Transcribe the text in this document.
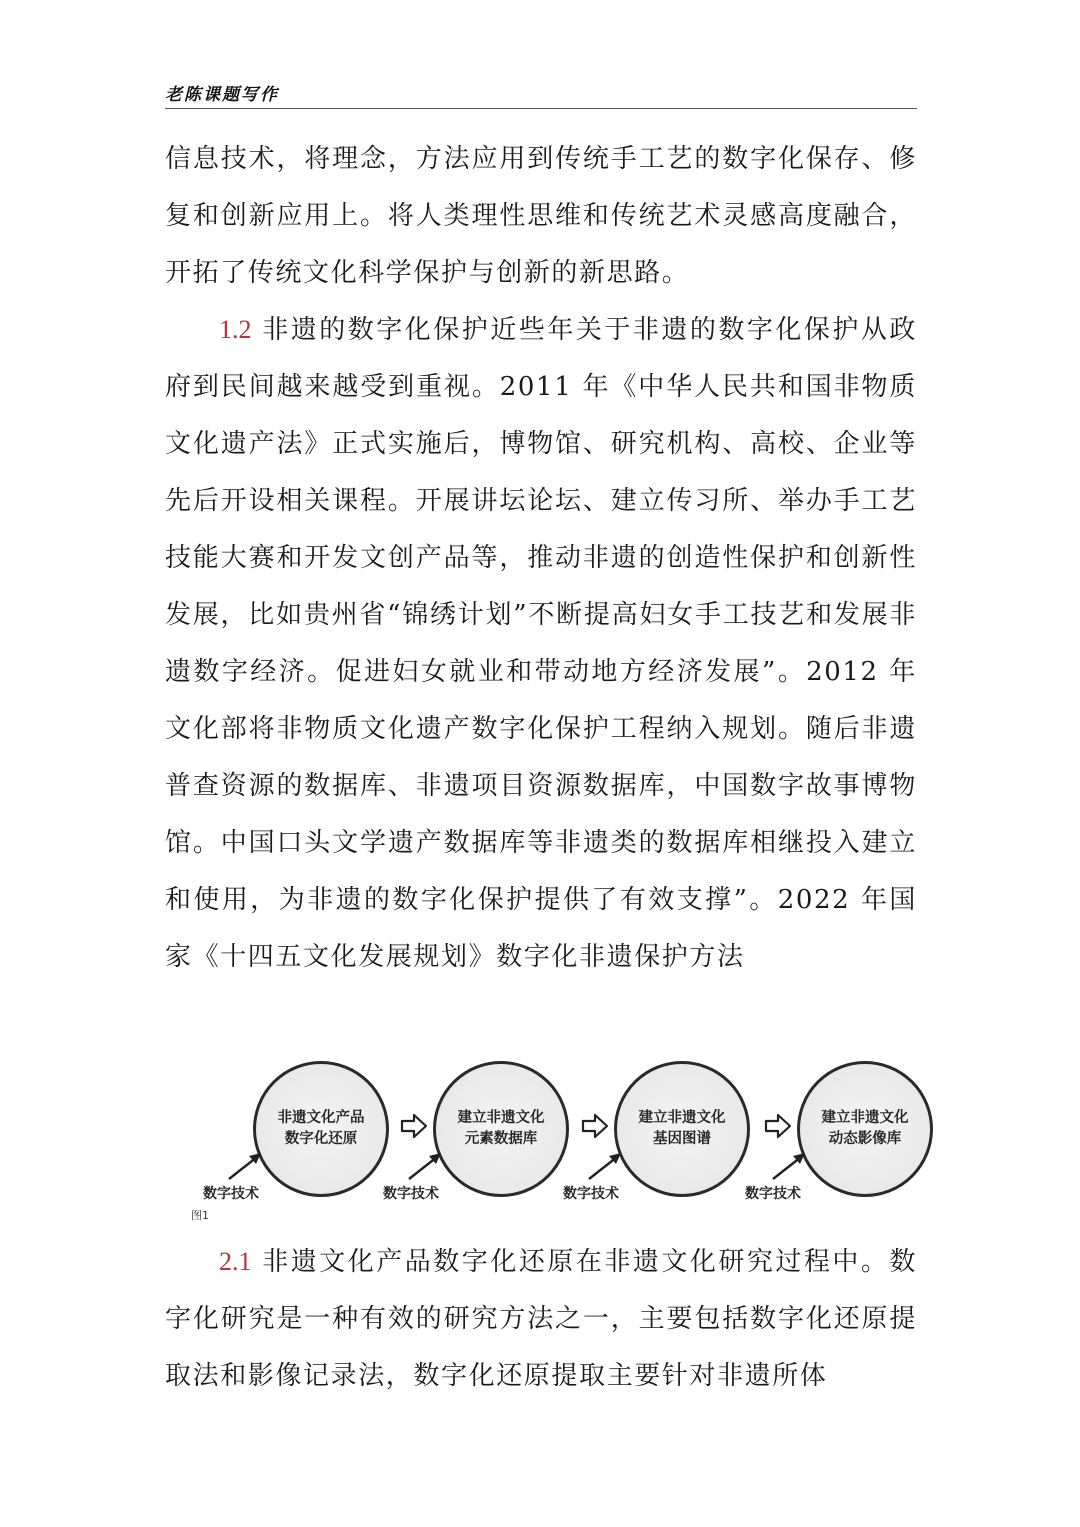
老陈课题写作

信息技术，将理念，方法应用到传统手工艺的数字化保存、修复和创新应用上。将人类理性思维和传统艺术灵感高度融合，开拓了传统文化科学保护与创新的新思路。

1.2 非遗的数字化保护近些年关于非遗的数字化保护从政府到民间越来越受到重视。2011 年《中华人民共和国非物质文化遗产法》正式实施后，博物馆、研究机构、高校、企业等先后开设相关课程。开展讲坛论坛、建立传习所、举办手工艺技能大赛和开发文创产品等，推动非遗的创造性保护和创新性发展，比如贵州省“锦绣计划”不断提高妇女手工技艺和发展非遗数字经济。促进妇女就业和带动地方经济发展”。2012 年文化部将非物质文化遗产数字化保护工程纳入规划。随后非遗普查资源的数据库、非遗项目资源数据库，中国数字故事博物馆。中国口头文学遗产数据库等非遗类的数据库相继投入建立和使用，为非遗的数字化保护提供了有效支撑”。2022 年国家《十四五文化发展规划》数字化非遗保护方法

非遗文化产品
数字化还原
建立非遗文化
元素数据库
建立非遗文化
基因图谱
建立非遗文化
动态影像库
数字技术	数字技术	数字技术	数字技术
图1

2.1 非遗文化产品数字化还原在非遗文化研究过程中。数字化研究是一种有效的研究方法之一，主要包括数字化还原提取法和影像记录法，数字化还原提取主要针对非遗所体
